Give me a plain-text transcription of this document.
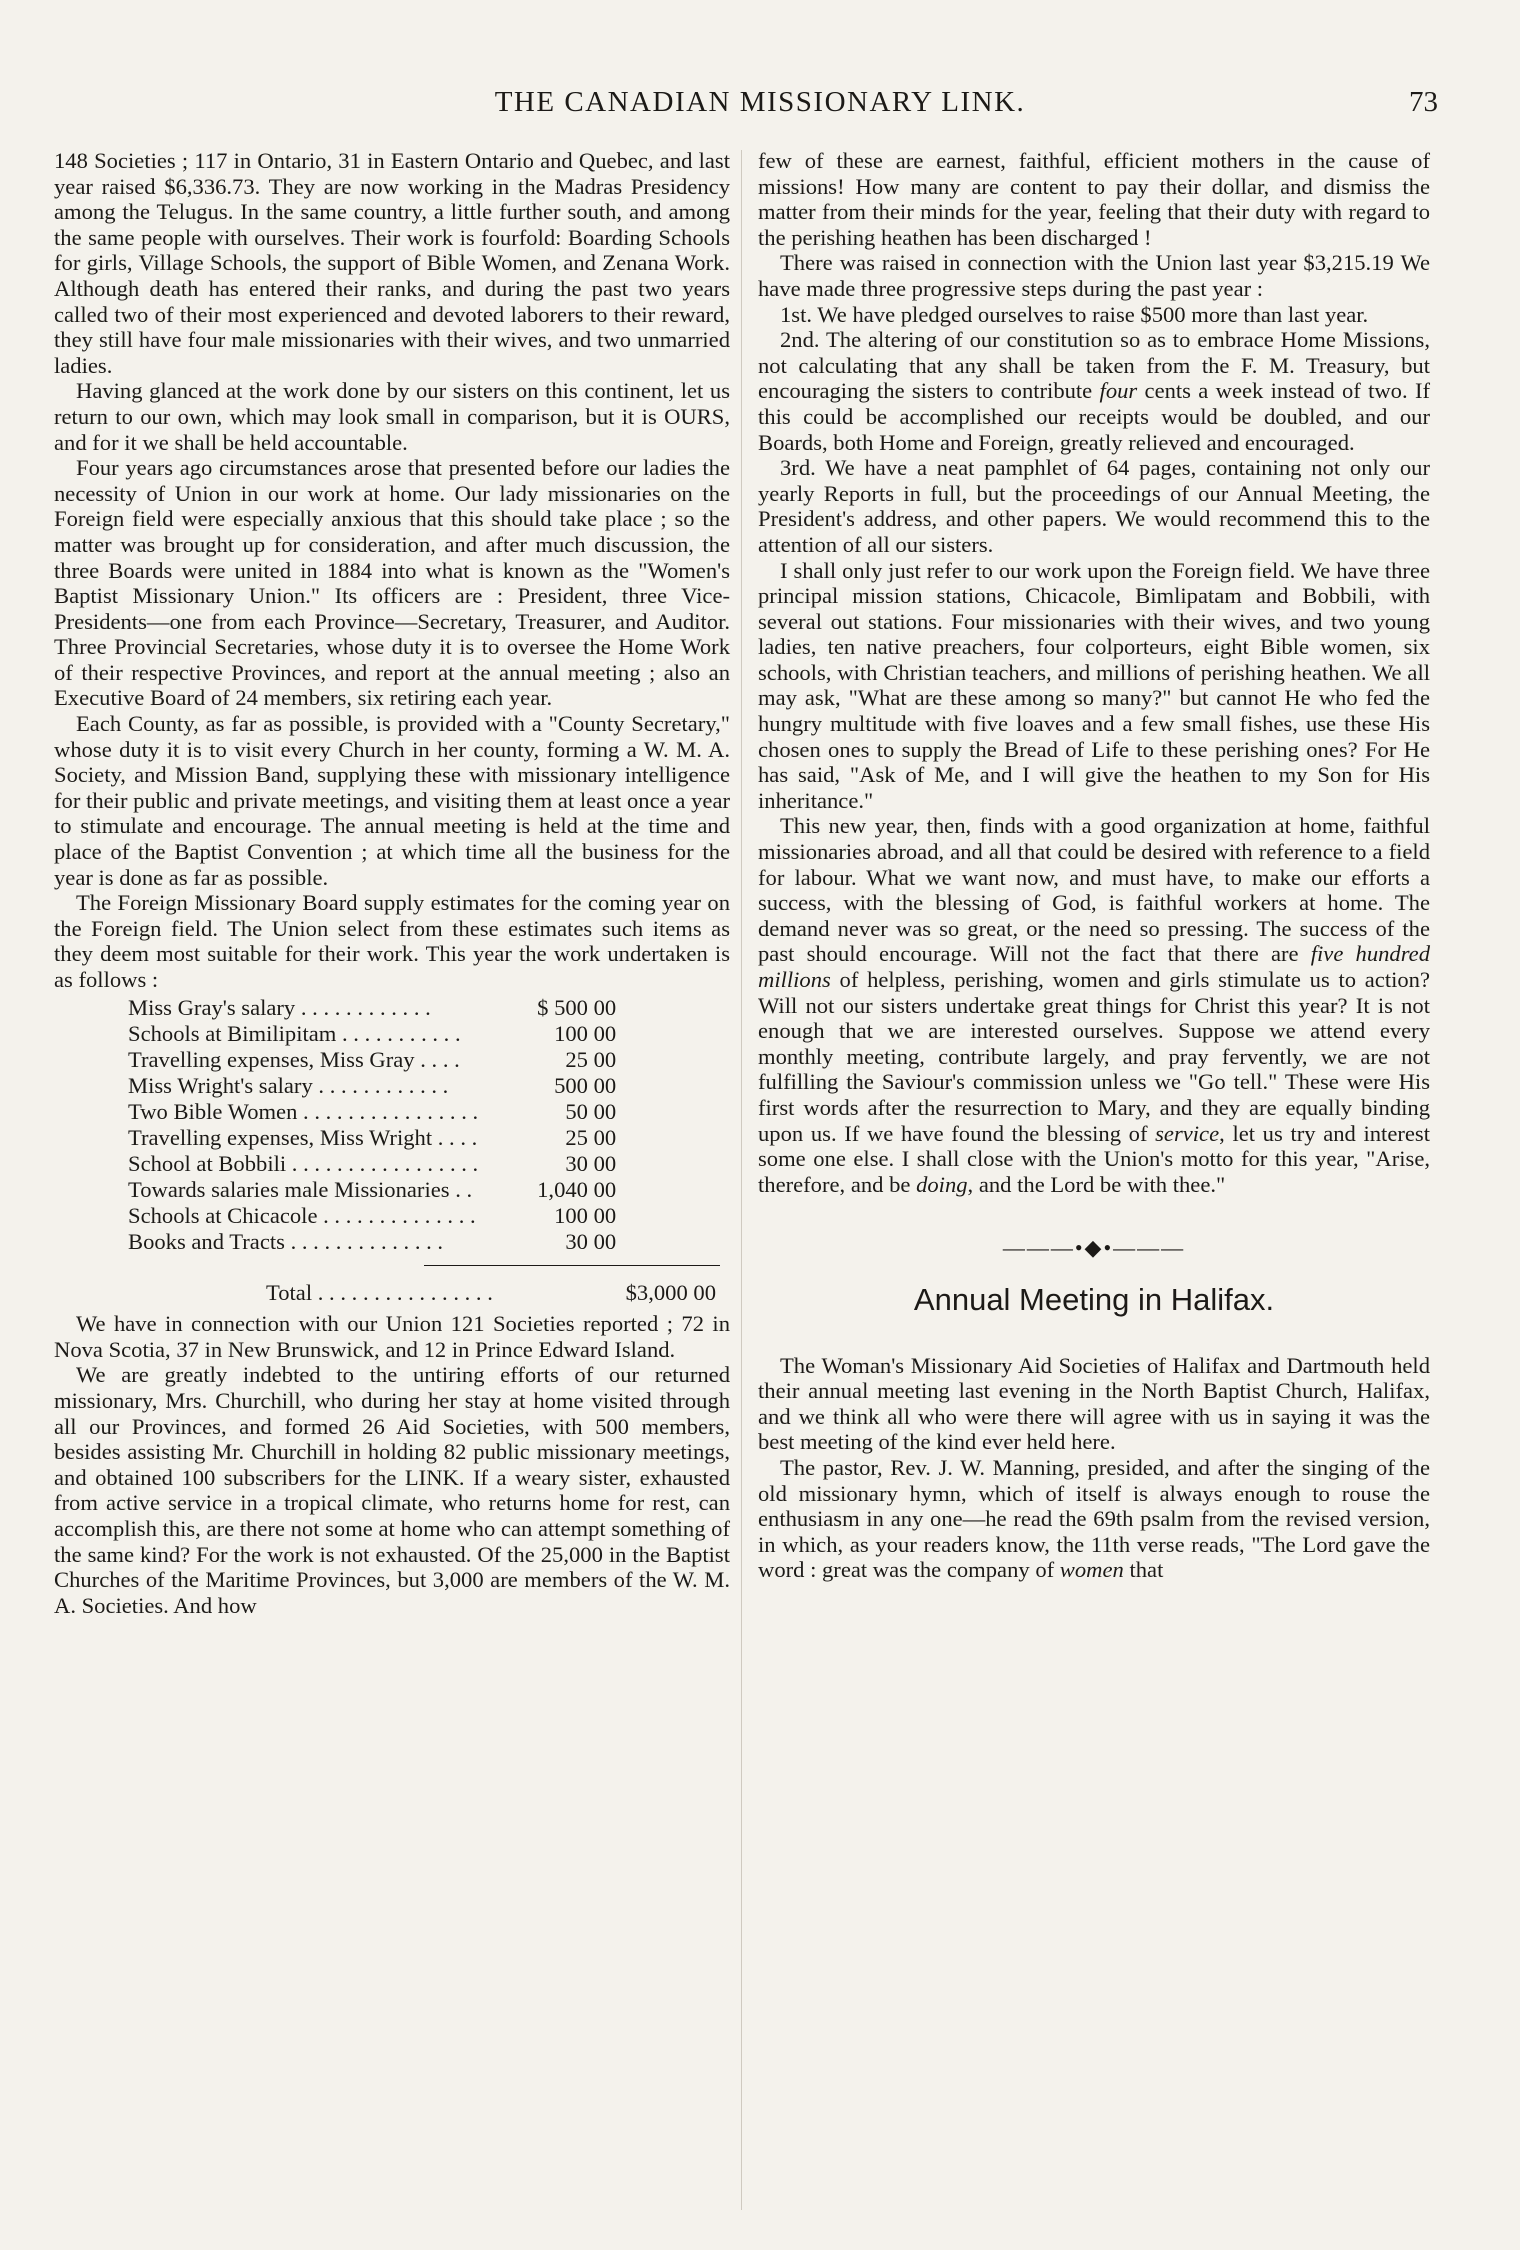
THE CANADIAN MISSIONARY LINK.	73

148 Societies ; 117 in Ontario, 31 in Eastern Ontario and Quebec, and last year raised $6,336.73. They are now working in the Madras Presidency among the Telugus. In the same country, a little further south, and among the same people with ourselves. Their work is fourfold: Boarding Schools for girls, Village Schools, the support of Bible Women, and Zenana Work. Although death has entered their ranks, and during the past two years called two of their most experienced and devoted laborers to their reward, they still have four male missionaries with their wives, and two unmarried ladies.

Having glanced at the work done by our sisters on this continent, let us return to our own, which may look small in comparison, but it is OURS, and for it we shall be held accountable.

Four years ago circumstances arose that presented before our ladies the necessity of Union in our work at home. Our lady missionaries on the Foreign field were especially anxious that this should take place ; so the matter was brought up for consideration, and after much discussion, the three Boards were united in 1884 into what is known as the "Women's Baptist Missionary Union." Its officers are : President, three Vice-Presidents—one from each Province—Secretary, Treasurer, and Auditor. Three Provincial Secretaries, whose duty it is to oversee the Home Work of their respective Provinces, and report at the annual meeting ; also an Executive Board of 24 members, six retiring each year.

Each County, as far as possible, is provided with a "County Secretary," whose duty it is to visit every Church in her county, forming a W. M. A. Society, and Mission Band, supplying these with missionary intelligence for their public and private meetings, and visiting them at least once a year to stimulate and encourage. The annual meeting is held at the time and place of the Baptist Convention ; at which time all the business for the year is done as far as possible.

The Foreign Missionary Board supply estimates for the coming year on the Foreign field. The Union select from these estimates such items as they deem most suitable for their work. This year the work undertaken is as follows :

Miss Gray's salary . . . . . . . . . . . .	$ 500 00
Schools at Bimilipitam . . . . . . . . . . .	100 00
Travelling expenses, Miss Gray . . . .	25 00
Miss Wright's salary . . . . . . . . . . . .	500 00
Two Bible Women . . . . . . . . . . . . . . . .	50 00
Travelling expenses, Miss Wright . . . .	25 00
School at Bobbili . . . . . . . . . . . . . . . . .	30 00
Towards salaries male Missionaries . .	1,040 00
Schools at Chicacole . . . . . . . . . . . . . .	100 00
Books and Tracts . . . . . . . . . . . . . .	30 00
Total . . . . . . . . . . . . . . . .	$3,000 00

We have in connection with our Union 121 Societies reported ; 72 in Nova Scotia, 37 in New Brunswick, and 12 in Prince Edward Island.

We are greatly indebted to the untiring efforts of our returned missionary, Mrs. Churchill, who during her stay at home visited through all our Provinces, and formed 26 Aid Societies, with 500 members, besides assisting Mr. Churchill in holding 82 public missionary meetings, and obtained 100 subscribers for the LINK. If a weary sister, exhausted from active service in a tropical climate, who returns home for rest, can accomplish this, are there not some at home who can attempt something of the same kind? For the work is not exhausted. Of the 25,000 in the Baptist Churches of the Maritime Provinces, but 3,000 are members of the W. M. A. Societies. And how

few of these are earnest, faithful, efficient mothers in the cause of missions! How many are content to pay their dollar, and dismiss the matter from their minds for the year, feeling that their duty with regard to the perishing heathen has been discharged !

There was raised in connection with the Union last year $3,215.19 We have made three progressive steps during the past year :

1st. We have pledged ourselves to raise $500 more than last year.

2nd. The altering of our constitution so as to embrace Home Missions, not calculating that any shall be taken from the F. M. Treasury, but encouraging the sisters to contribute four cents a week instead of two. If this could be accomplished our receipts would be doubled, and our Boards, both Home and Foreign, greatly relieved and encouraged.

3rd. We have a neat pamphlet of 64 pages, containing not only our yearly Reports in full, but the proceedings of our Annual Meeting, the President's address, and other papers. We would recommend this to the attention of all our sisters.

I shall only just refer to our work upon the Foreign field. We have three principal mission stations, Chicacole, Bimlipatam and Bobbili, with several out stations. Four missionaries with their wives, and two young ladies, ten native preachers, four colporteurs, eight Bible women, six schools, with Christian teachers, and millions of perishing heathen. We all may ask, "What are these among so many?" but cannot He who fed the hungry multitude with five loaves and a few small fishes, use these His chosen ones to supply the Bread of Life to these perishing ones? For He has said, "Ask of Me, and I will give the heathen to my Son for His inheritance."

This new year, then, finds with a good organization at home, faithful missionaries abroad, and all that could be desired with reference to a field for labour. What we want now, and must have, to make our efforts a success, with the blessing of God, is faithful workers at home. The demand never was so great, or the need so pressing. The success of the past should encourage. Will not the fact that there are five hundred millions of helpless, perishing, women and girls stimulate us to action? Will not our sisters undertake great things for Christ this year? It is not enough that we are interested ourselves. Suppose we attend every monthly meeting, contribute largely, and pray fervently, we are not fulfilling the Saviour's commission unless we "Go tell." These were His first words after the resurrection to Mary, and they are equally binding upon us. If we have found the blessing of service, let us try and interest some one else. I shall close with the Union's motto for this year, "Arise, therefore, and be doing, and the Lord be with thee."

———•◆•———
Annual Meeting in Halifax.

The Woman's Missionary Aid Societies of Halifax and Dartmouth held their annual meeting last evening in the North Baptist Church, Halifax, and we think all who were there will agree with us in saying it was the best meeting of the kind ever held here.

The pastor, Rev. J. W. Manning, presided, and after the singing of the old missionary hymn, which of itself is always enough to rouse the enthusiasm in any one—he read the 69th psalm from the revised version, in which, as your readers know, the 11th verse reads, "The Lord gave the word : great was the company of women that
